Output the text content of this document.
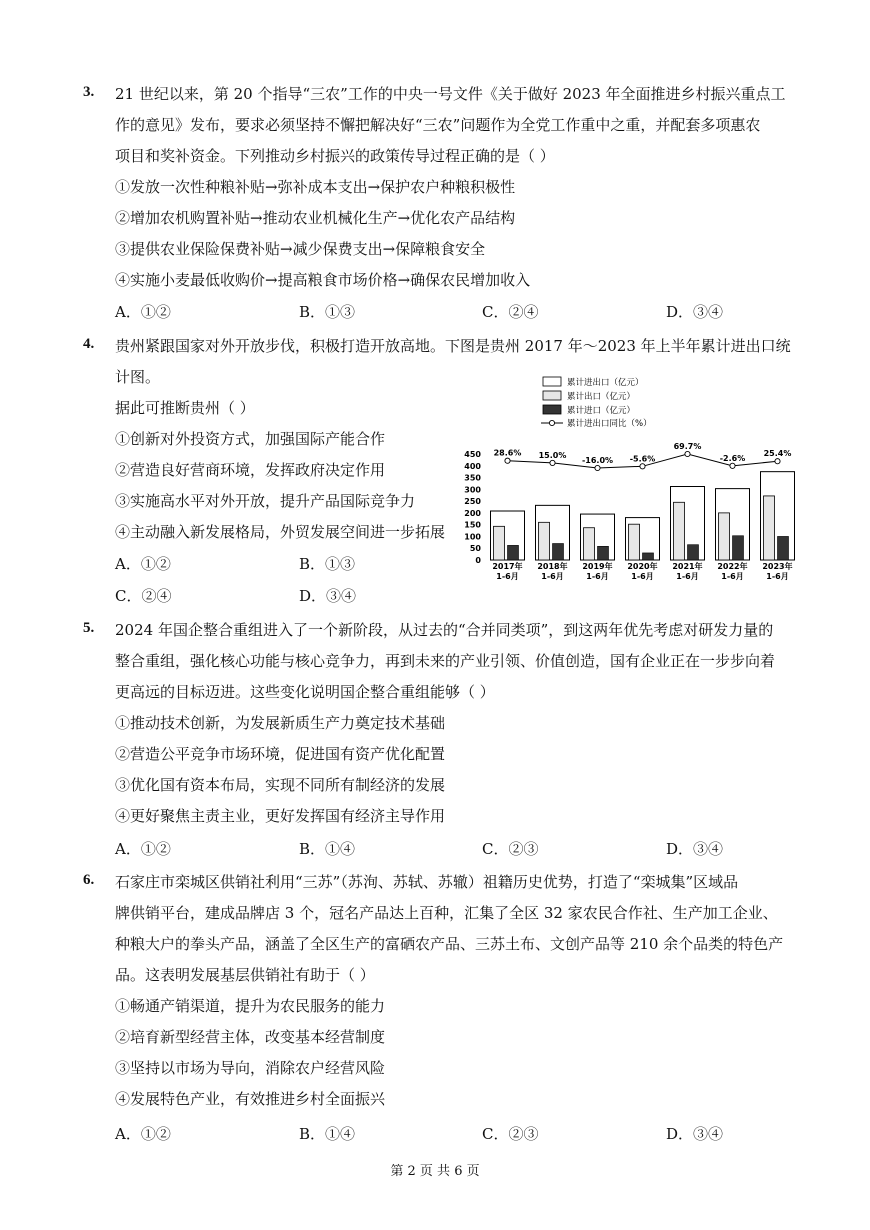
3. 21 世纪以来，第 20 个指导“三农”工作的中央一号文件《关于做好 2023 年全面推进乡村振兴重点工
作的意见》发布，要求必须坚持不懈把解决好“三农”问题作为全党工作重中之重，并配套多项惠农
项目和奖补资金。下列推动乡村振兴的政策传导过程正确的是（ ）
①发放一次性种粮补贴→弥补成本支出→保护农户种粮积极性
②增加农机购置补贴→推动农业机械化生产→优化农产品结构
③提供农业保险保费补贴→减少保费支出→保障粮食安全
④实施小麦最低收购价→提高粮食市场价格→确保农民增加收入
A．①②	B．①③	C．②④	D．③④
4. 贵州紧跟国家对外开放步伐，积极打造开放高地。下图是贵州 2017 年～2023 年上半年累计进出口统
计图。
据此可推断贵州（ ）
①创新对外投资方式，加强国际产能合作
②营造良好营商环境，发挥政府决定作用
③实施高水平对外开放，提升产品国际竞争力
④主动融入新发展格局，外贸发展空间进一步拓展
A．①②	B．①③
C．②④	D．③④
累计进出口（亿元）
累计出口（亿元）
累计进口（亿元）
累计进出口同比（%）
0
50
100
150
200
250
300
350
400
450 28.6% 15.0%
-16.0% -5.6%
69.7%
-2.6%
25.4%
2017年
1-6月
2018年
1-6月
2019年
1-6月
2020年
1-6月
2021年
1-6月
2022年
1-6月
2023年
1-6月
5. 2024 年国企整合重组进入了一个新阶段，从过去的“合并同类项”，到这两年优先考虑对研发力量的
整合重组，强化核心功能与核心竞争力，再到未来的产业引领、价值创造，国有企业正在一步步向着
更高远的目标迈进。这些变化说明国企整合重组能够（ ）
①推动技术创新，为发展新质生产力奠定技术基础
②营造公平竞争市场环境，促进国有资产优化配置
③优化国有资本布局，实现不同所有制经济的发展
④更好聚焦主责主业，更好发挥国有经济主导作用
A．①②	B．①④	C．②③	D．③④
6. 石家庄市栾城区供销社利用“三苏”（苏洵、苏轼、苏辙）祖籍历史优势，打造了“栾城集”区域品
牌供销平台，建成品牌店 3 个，冠名产品达上百种，汇集了全区 32 家农民合作社、生产加工企业、
种粮大户的拳头产品，涵盖了全区生产的富硒农产品、三苏土布、文创产品等 210 余个品类的特色产
品。这表明发展基层供销社有助于（ ）
①畅通产销渠道，提升为农民服务的能力
②培育新型经营主体，改变基本经营制度
③坚持以市场为导向，消除农户经营风险
④发展特色产业，有效推进乡村全面振兴
A．①②	B．①④	C．②③	D．③④
第 2 页 共 6 页
